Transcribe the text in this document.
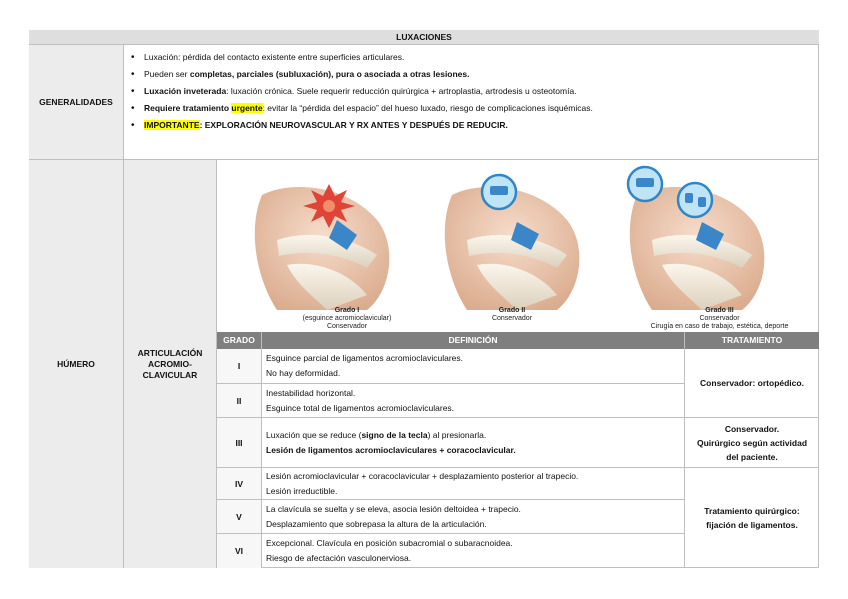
LUXACIONES
GENERALIDADES
• Luxación: pérdida del contacto existente entre superficies articulares.
• Pueden ser completas, parciales (subluxación), pura o asociada a otras lesiones.
• Luxación inveterada: luxación crónica. Suele requerir reducción quirúrgica + artroplastia, artrodesis u osteotomía.
• Requiere tratamiento urgente: evitar la “pérdida del espacio” del hueso luxado, riesgo de complicaciones isquémicas.
• IMPORTANTE: EXPLORACIÓN NEUROVASCULAR Y RX ANTES Y DESPUÉS DE REDUCIR.
HÚMERO
ARTICULACIÓN
ACROMIO-
CLAVICULAR
Grado I
(esguince acromioclavicular)
Conservador
Grado II
Conservador
Grado III
Conservador
Cirugía en caso de trabajo, estética, deporte
GRADO	DEFINICIÓN	TRATAMIENTO
I
Esguince parcial de ligamentos acromioclaviculares.
No hay deformidad.
II
Inestabilidad horizontal.
Esguince total de ligamentos acromioclaviculares.
III
Luxación que se reduce (signo de la tecla) al presionarla.
Lesión de ligamentos acromioclaviculares + coracoclavicular.
IV
Lesión acromioclavicular + coracoclavicular + desplazamiento posterior al trapecio.
Lesión irreductible.
V
La clavícula se suelta y se eleva, asocia lesión deltoidea + trapecio.
Desplazamiento que sobrepasa la altura de la articulación.
VI
Excepcional. Clavícula en posición subacromial o subaracnoidea.
Riesgo de afectación vasculonerviosa.
Conservador: ortopédico.
Conservador.
Quirúrgico según actividad
del paciente.
Tratamiento quirúrgico:
fijación de ligamentos.
